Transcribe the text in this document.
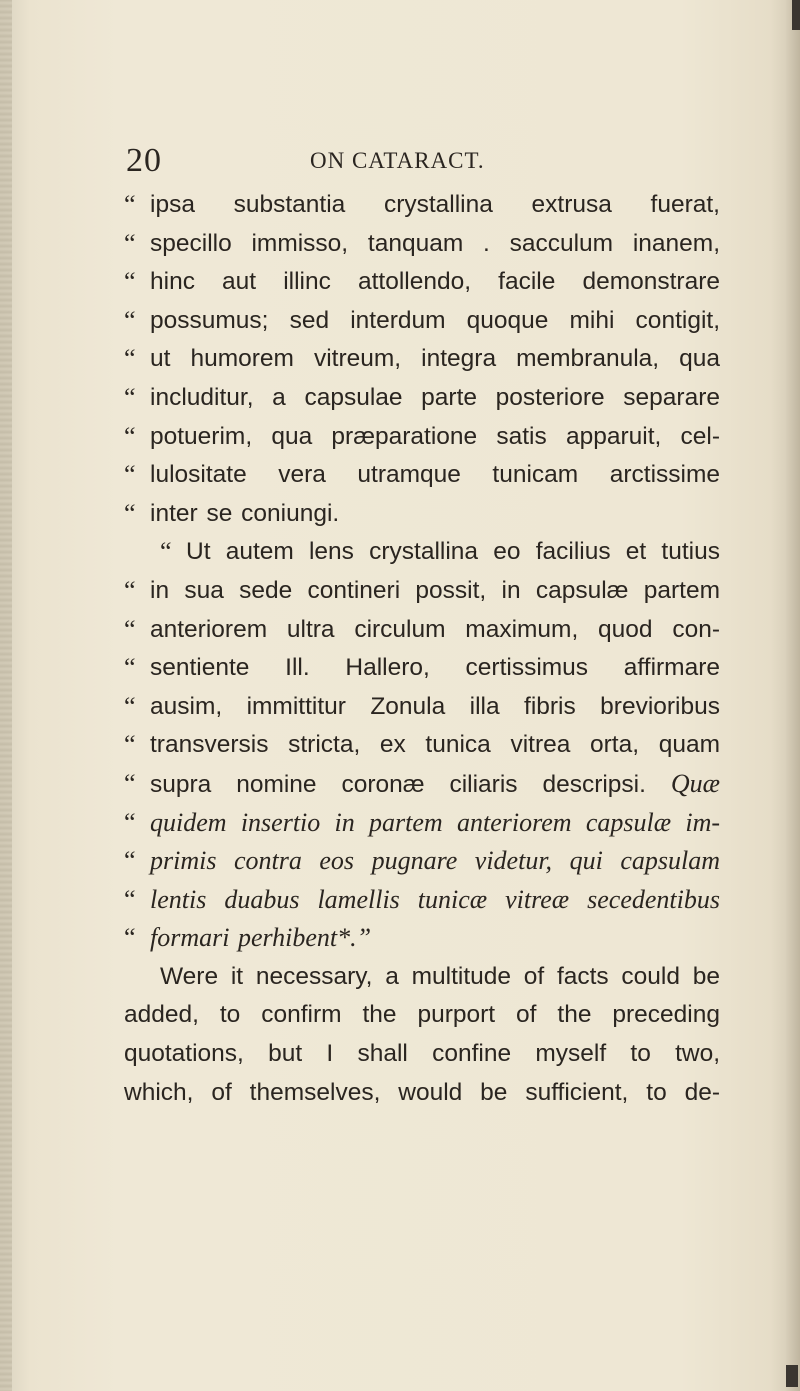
20	ON CATARACT.
“ ipsa substantia crystallina extrusa fuerat,
“ specillo immisso, tanquam . sacculum inanem,
“ hinc aut illinc attollendo, facile demonstrare
“ possumus; sed interdum quoque mihi contigit,
“ ut humorem vitreum, integra membranula, qua
“ includitur, a capsulae parte posteriore separare
“ potuerim, qua præparatione satis apparuit, cel-
“ lulositate vera utramque tunicam arctissime
“ inter se coniungi.
“ Ut autem lens crystallina eo facilius et tutius
“ in sua sede contineri possit, in capsulæ partem
“ anteriorem ultra circulum maximum, quod con-
“ sentiente Ill. Hallero, certissimus affirmare
“ ausim, immittitur Zonula illa fibris brevioribus
“ transversis stricta, ex tunica vitrea orta, quam
“ supra nomine coronæ ciliaris descripsi. Quæ
“ quidem insertio in partem anteriorem capsulæ im-
“ primis contra eos pugnare videtur, qui capsulam
“ lentis duabus lamellis tunicæ vitreæ secedentibus
“ formari perhibent*.”
Were it necessary, a multitude of facts could be
added, to confirm the purport of the preceding
quotations, but I shall confine myself to two,
which, of themselves, would be sufficient, to de-
